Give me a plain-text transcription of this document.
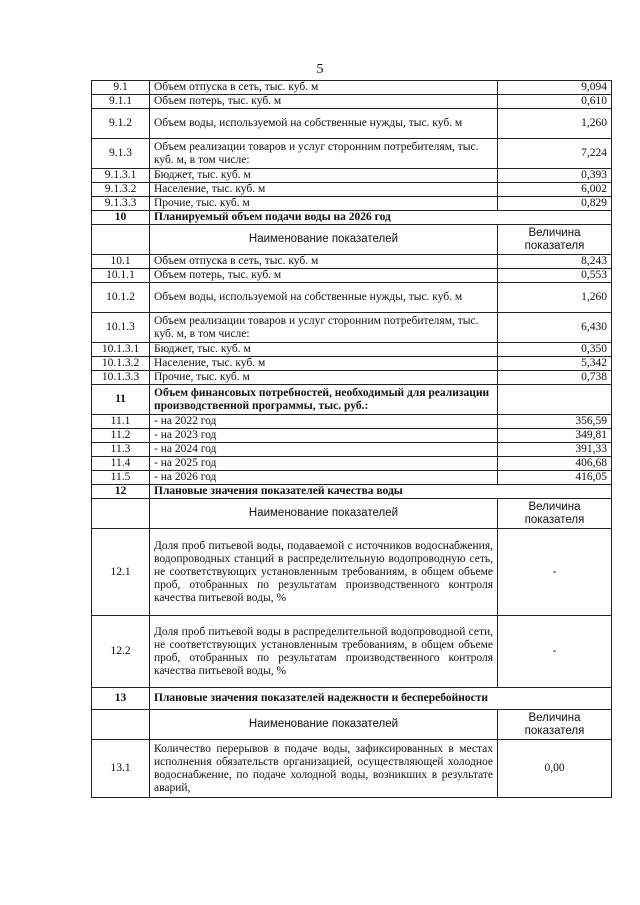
5
9.1	Объем отпуска в сеть, тыс. куб. м	9,094
9.1.1	Объем потерь, тыс. куб. м	0,610
9.1.2	Объем воды, используемой на собственные нужды, тыс. куб. м	1,260
9.1.3	Объем реализации товаров и услуг сторонним потребителям, тыс. куб. м, в том числе:	7,224
9.1.3.1	Бюджет, тыс. куб. м	0,393
9.1.3.2	Население, тыс. куб. м	6,002
9.1.3.3	Прочие, тыс. куб. м	0,829
10	Планируемый объем подачи воды на 2026 год	
	Наименование показателей	Величина показателя
10.1	Объем отпуска в сеть, тыс. куб. м	8,243
10.1.1	Объем потерь, тыс. куб. м	0,553
10.1.2	Объем воды, используемой на собственные нужды, тыс. куб. м	1,260
10.1.3	Объем реализации товаров и услуг сторонним потребителям, тыс. куб. м, в том числе:	6,430
10.1.3.1	Бюджет, тыс. куб. м	0,350
10.1.3.2	Население, тыс. куб. м	5,342
10.1.3.3	Прочие, тыс. куб. м	0,738
11	Объем финансовых потребностей, необходимый для реализации производственной программы, тыс. руб.:	
11.1	- на 2022 год	356,59
11.2	- на 2023 год	349,81
11.3	- на 2024 год	391,33
11.4	- на 2025 год	406,68
11.5	- на 2026 год	416,05
12	Плановые значения показателей качества воды	
	Наименование показателей	Величина показателя
12.1	Доля проб питьевой воды, подаваемой с источников водоснабжения, водопроводных станций в распределительную водопроводную сеть, не соответствующих установленным требованиям, в общем объеме проб, отобранных по результатам производственного контроля качества питьевой воды, %	-
12.2	Доля проб питьевой воды в распределительной водопроводной сети, не соответствующих установленным требованиям, в общем объеме проб, отобранных по результатам производственного контроля качества питьевой воды, %	-
13	Плановые значения показателей надежности и бесперебойности	
	Наименование показателей	Величина показателя
13.1	Количество перерывов в подаче воды, зафиксированных в местах исполнения обязательств организацией, осуществляющей холодное водоснабжение, по подаче холодной воды, возникших в результате аварий,	0,00
